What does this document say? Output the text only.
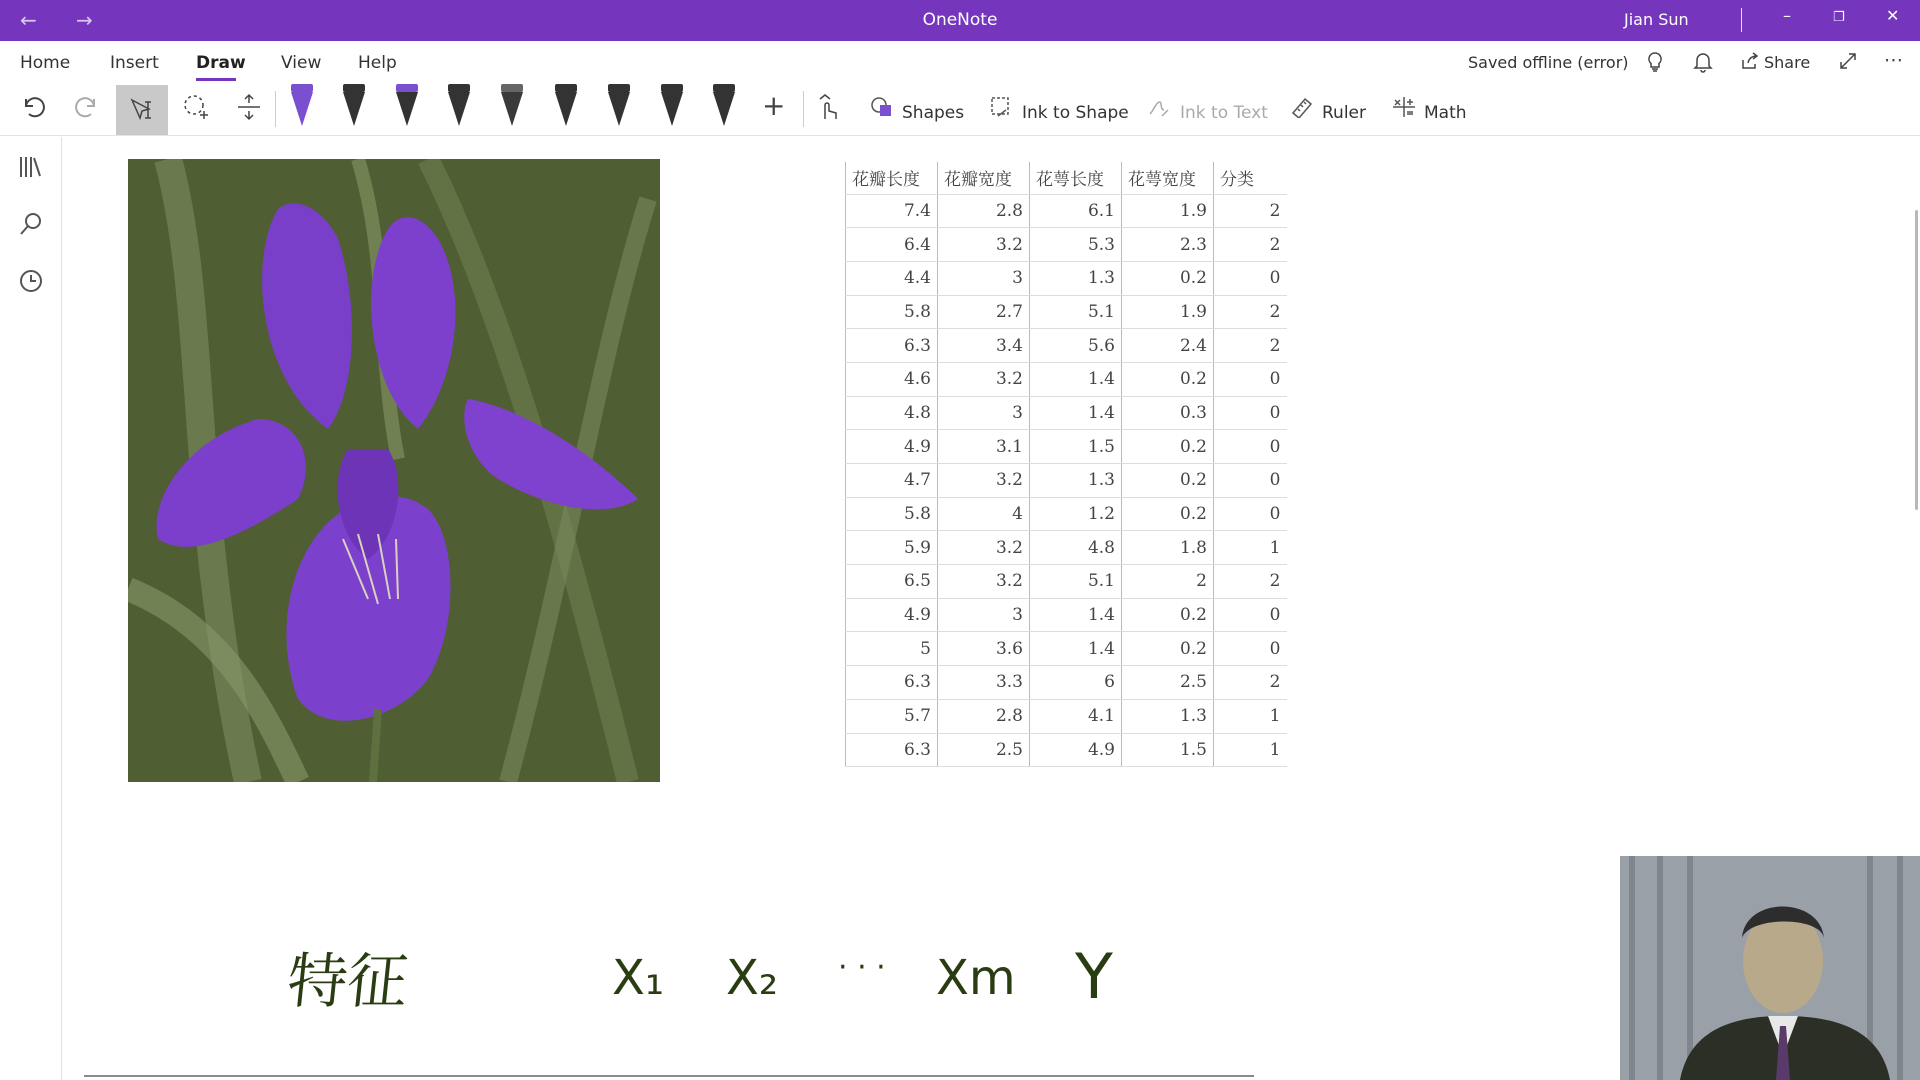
← →	OneNote	Jian Sun	–	❐	✕
Home Insert Draw View Help	Saved offline (error)	Share	⋯
+	Shapes	Ink to Shape	Ink to Text	Ruler	Math
花瓣长度	花瓣宽度	花萼长度	花萼宽度	分类
7.4	2.8	6.1	1.9	2
6.4	3.2	5.3	2.3	2
4.4	3	1.3	0.2	0
5.8	2.7	5.1	1.9	2
6.3	3.4	5.6	2.4	2
4.6	3.2	1.4	0.2	0
4.8	3	1.4	0.3	0
4.9	3.1	1.5	0.2	0
4.7	3.2	1.3	0.2	0
5.8	4	1.2	0.2	0
5.9	3.2	4.8	1.8	1
6.5	3.2	5.1	2	2
4.9	3	1.4	0.2	0
5	3.6	1.4	0.2	0
6.3	3.3	6	2.5	2
5.7	2.8	4.1	1.3	1
6.3	2.5	4.9	1.5	1
特征	X₁ X₂ · · · Xm Y
